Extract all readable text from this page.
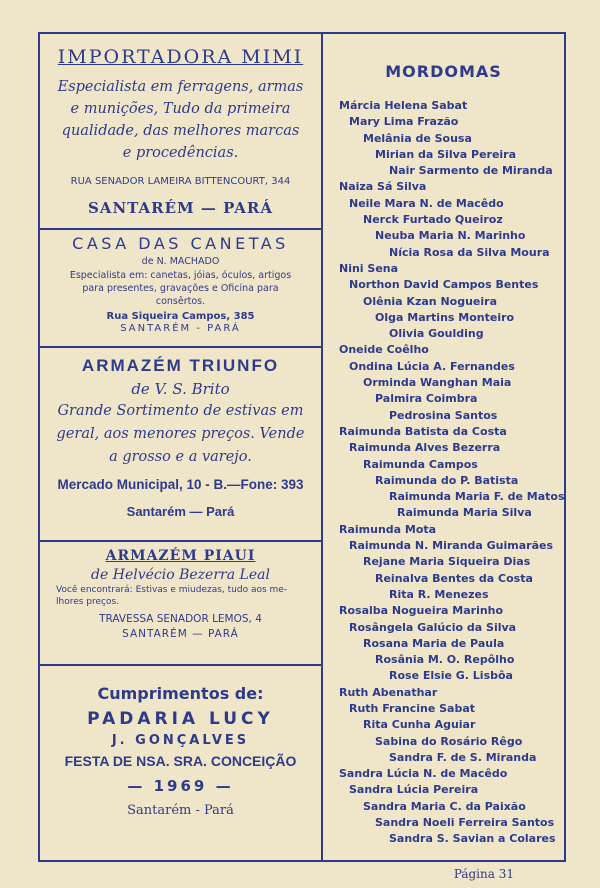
IMPORTADORA MIMI
Especialista em ferragens, armas
e munições, Tudo da primeira
qualidade, das melhores marcas
e procedências.
RUA SENADOR LAMEIRA BITTENCOURT, 344
SANTARÉM — PARÁ
CASA DAS CANETAS
de N. MACHADO
Especialista em: canetas, jóias, óculos, artigos
para presentes, gravações e Oficina para
consêrtos.
Rua Siqueira Campos, 385
SANTARÉM - PARÁ
ARMAZÉM TRIUNFO
de V. S. Brito
Grande Sortimento de estivas em
geral, aos menores preços. Vende
a grosso e a varejo.
Mercado Municipal, 10 - B.—Fone: 393
Santarém — Pará
ARMAZÉM PIAUI
de Helvécio Bezerra Leal
Você encontrará: Estivas e miudezas, tudo aos me-
lhores preços.
TRAVESSA SENADOR LEMOS, 4
SANTARÉM — PARÁ
Cumprimentos de:
PADARIA LUCY
J. GONÇALVES
FESTA DE NSA. SRA. CONCEIÇÃO
— 1969 —
Santarém - Pará
MORDOMAS
Márcia Helena Sabat
Mary Lima Frazão
Melânia de Sousa
Mirian da Silva Pereira
Nair Sarmento de Miranda
Naiza Sá Silva
Neile Mara N. de Macêdo
Nerck Furtado Queiroz
Neuba Maria N. Marinho
Nícia Rosa da Silva Moura
Nini Sena
Northon David Campos Bentes
Olênia Kzan Nogueira
Olga Martins Monteiro
Olivia Goulding
Oneide Coêlho
Ondina Lúcia A. Fernandes
Orminda Wanghan Maia
Palmira Coimbra
Pedrosina Santos
Raimunda Batista da Costa
Raimunda Alves Bezerra
Raimunda Campos
Raimunda do P. Batista
Raimunda Maria F. de Matos
Raimunda Maria Silva
Raimunda Mota
Raimunda N. Miranda Guimarães
Rejane Maria Siqueira Dias
Reinalva Bentes da Costa
Rita R. Menezes
Rosalba Nogueira Marinho
Rosângela Galúcio da Silva
Rosana Maria de Paula
Rosânia M. O. Repôlho
Rose Elsie G. Lisbôa
Ruth Abenathar
Ruth Francine Sabat
Rita Cunha Aguiar
Sabina do Rosário Rêgo
Sandra F. de S. Miranda
Sandra Lúcia N. de Macêdo
Sandra Lúcia Pereira
Sandra Maria C. da Paixão
Sandra Noeli Ferreira Santos
Sandra S. Savian a Colares
Página 31
